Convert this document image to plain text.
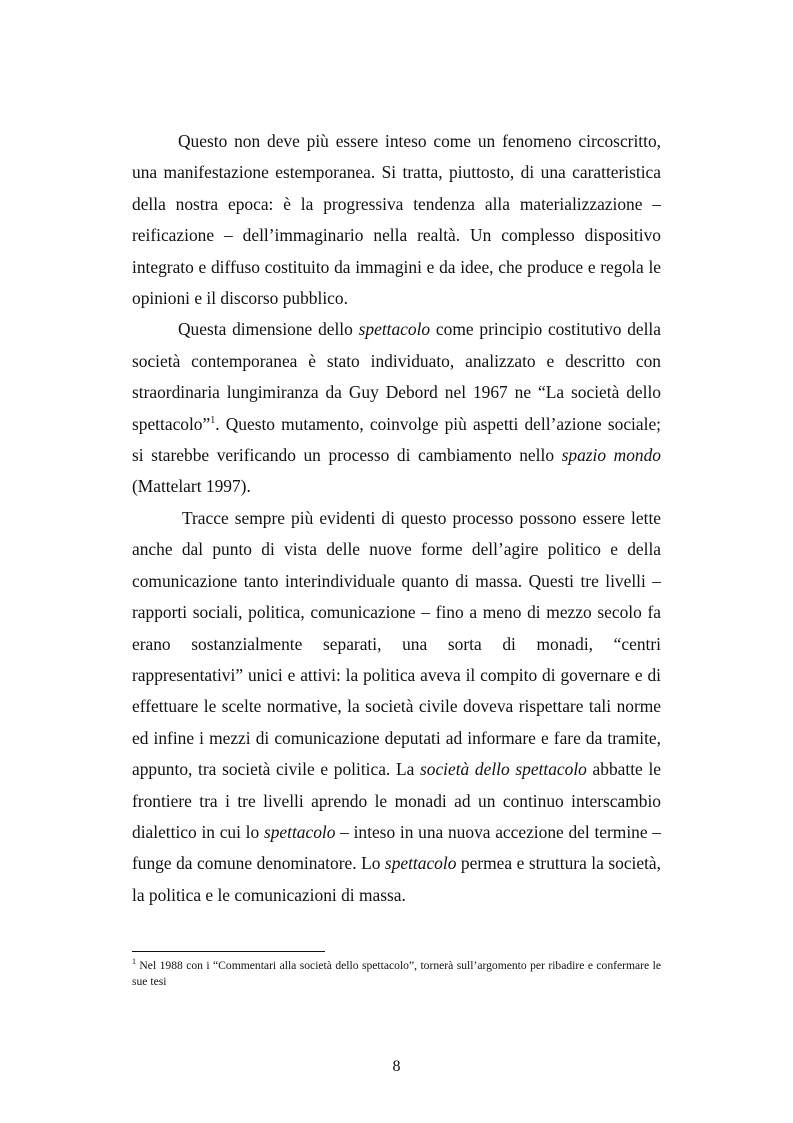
Questo non deve più essere inteso come un fenomeno circoscritto, una manifestazione estemporanea. Si tratta, piuttosto, di una caratteristica della nostra epoca: è la progressiva tendenza alla materializzazione – reificazione – dell’immaginario nella realtà. Un complesso dispositivo integrato e diffuso costituito da immagini e da idee, che produce e regola le opinioni e il discorso pubblico.

Questa dimensione dello spettacolo come principio costitutivo della società contemporanea è stato individuato, analizzato e descritto con straordinaria lungimiranza da Guy Debord nel 1967 ne “La società dello spettacolo”$^1$. Questo mutamento, coinvolge più aspetti dell’azione sociale; si starebbe verificando un processo di cambiamento nello spazio mondo (Mattelart 1997).

Tracce sempre più evidenti di questo processo possono essere lette anche dal punto di vista delle nuove forme dell’agire politico e della comunicazione tanto interindividuale quanto di massa. Questi tre livelli – rapporti sociali, politica, comunicazione – fino a meno di mezzo secolo fa erano sostanzialmente separati, una sorta di monadi, “centri rappresentativi” unici e attivi: la politica aveva il compito di governare e di effettuare le scelte normative, la società civile doveva rispettare tali norme ed infine i mezzi di comunicazione deputati ad informare e fare da tramite, appunto, tra società civile e politica. La società dello spettacolo abbatte le frontiere tra i tre livelli aprendo le monadi ad un continuo interscambio dialettico in cui lo spettacolo – inteso in una nuova accezione del termine – funge da comune denominatore. Lo spettacolo permea e struttura la società, la politica e le comunicazioni di massa.

$^1$ Nel 1988 con i “Commentari alla società dello spettacolo”, tornerà sull’argomento per ribadire e confermare le sue tesi
8
